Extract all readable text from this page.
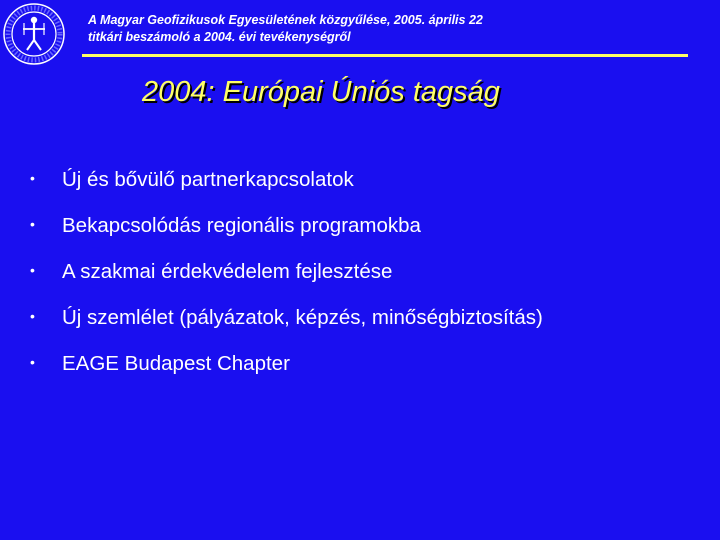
A Magyar Geofizikusok Egyesületének közgyűlése, 2005. április 22
titkári beszámoló a 2004. évi tevékenységről
2004: Európai Úniós tagság
•	Új és bővülő partnerkapcsolatok
•	Bekapcsolódás regionális programokba
•	A szakmai érdekvédelem fejlesztése
•	Új szemlélet (pályázatok, képzés, minőségbiztosítás)
•	EAGE Budapest Chapter
